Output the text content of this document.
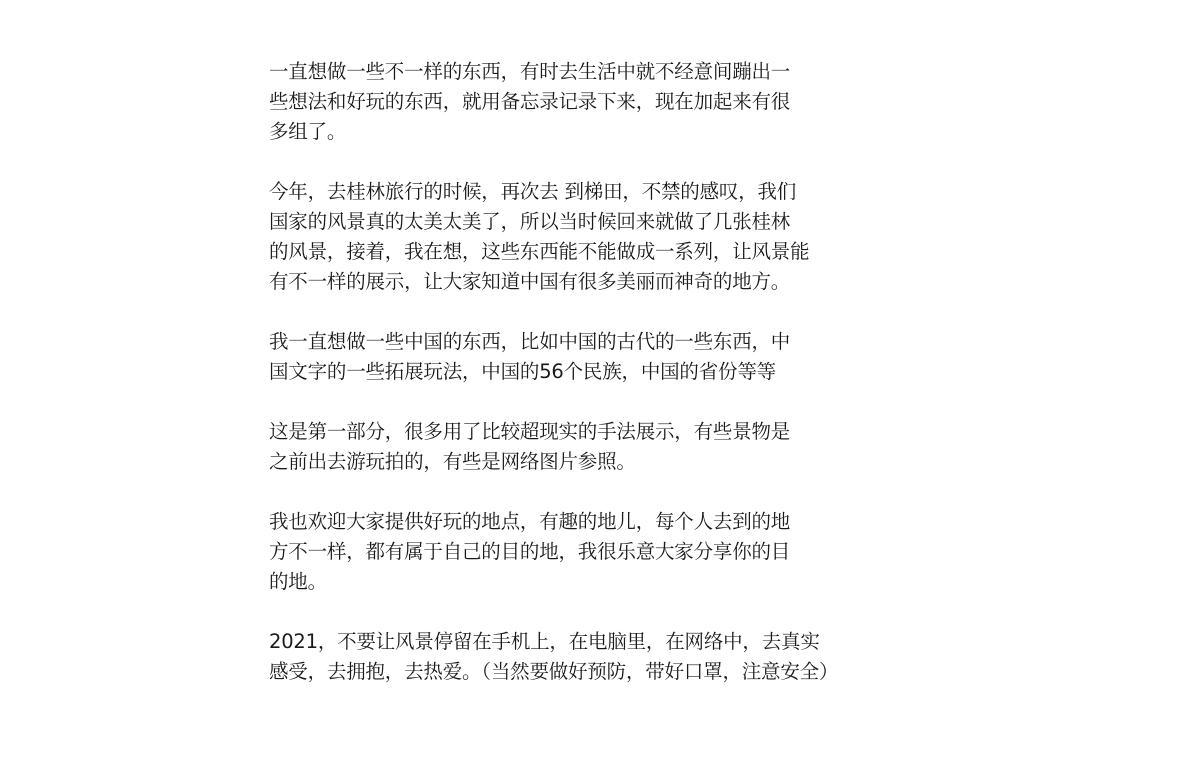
一直想做一些不一样的东西，有时去生活中就不经意间蹦出一
些想法和好玩的东西，就用备忘录记录下来，现在加起来有很
多组了。

今年，去桂林旅行的时候，再次去 到梯田，不禁的感叹，我们
国家的风景真的太美太美了，所以当时候回来就做了几张桂林
的风景，接着，我在想，这些东西能不能做成一系列，让风景能
有不一样的展示，让大家知道中国有很多美丽而神奇的地方。

我一直想做一些中国的东西，比如中国的古代的一些东西，中
国文字的一些拓展玩法，中国的56个民族，中国的省份等等

这是第一部分，很多用了比较超现实的手法展示，有些景物是
之前出去游玩拍的，有些是网络图片参照。

我也欢迎大家提供好玩的地点，有趣的地儿，每个人去到的地
方不一样，都有属于自己的目的地，我很乐意大家分享你的目
的地。

2021，不要让风景停留在手机上，在电脑里，在网络中，去真实
感受，去拥抱，去热爱。（当然要做好预防，带好口罩，注意安全）
